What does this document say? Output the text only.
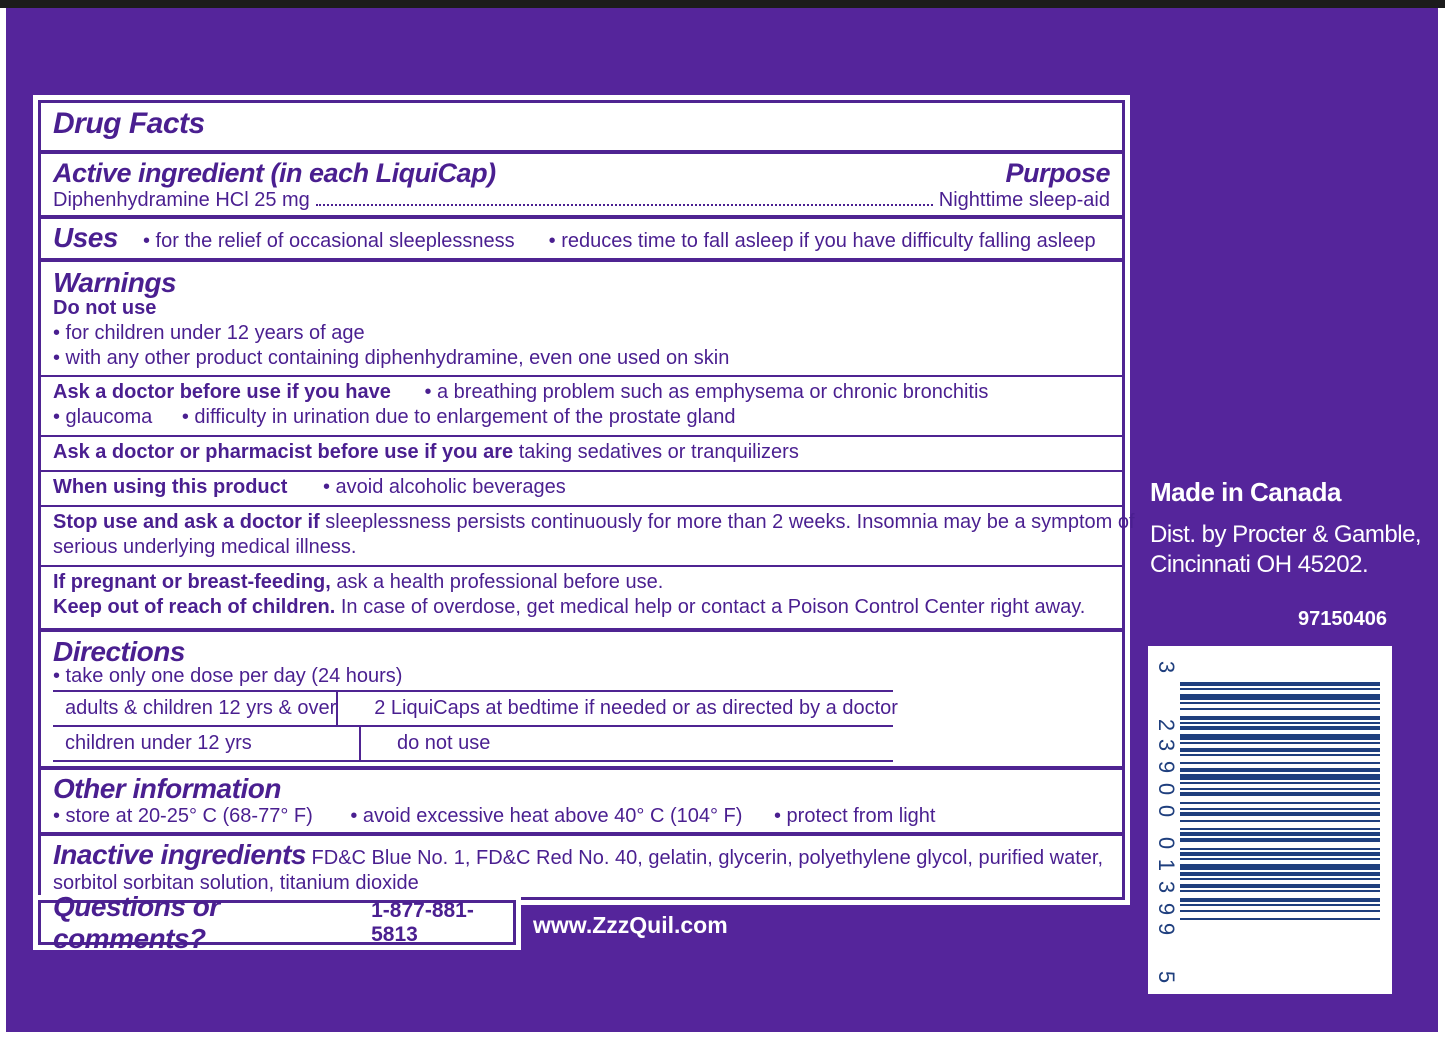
Drug Facts
Active ingredient (in each LiquiCap)	Purpose
Diphenhydramine HCl 25 mg	Nighttime sleep-aid
Uses	• for the relief of occasional sleeplessness • reduces time to fall asleep if you have difficulty falling asleep
Warnings
Do not use
• for children under 12 years of age
• with any other product containing diphenhydramine, even one used on skin
Ask a doctor before use if you have • a breathing problem such as emphysema or chronic bronchitis
• glaucoma • difficulty in urination due to enlargement of the prostate gland
Ask a doctor or pharmacist before use if you are taking sedatives or tranquilizers
When using this product • avoid alcoholic beverages
Stop use and ask a doctor if sleeplessness persists continuously for more than 2 weeks. Insomnia may be a symptom of
serious underlying medical illness.
If pregnant or breast-feeding, ask a health professional before use.
Keep out of reach of children. In case of overdose, get medical help or contact a Poison Control Center right away.
Directions
• take only one dose per day (24 hours)
adults & children 12 yrs & over	2 LiquiCaps at bedtime if needed or as directed by a doctor
children under 12 yrs	do not use
Other information
• store at 20-25° C (68-77° F) • avoid excessive heat above 40° C (104° F) • protect from light
Inactive ingredients FD&C Blue No. 1, FD&C Red No. 40, gelatin, glycerin, polyethylene glycol, purified water,
sorbitol sorbitan solution, titanium dioxide
Questions or comments?
1-877-881-5813	www.ZzzQuil.com
Made in Canada
Dist. by Procter & Gamble,
Cincinnati OH 45202.
97150406
3
2
3
9
0
0
0
1
3
9
9
5
